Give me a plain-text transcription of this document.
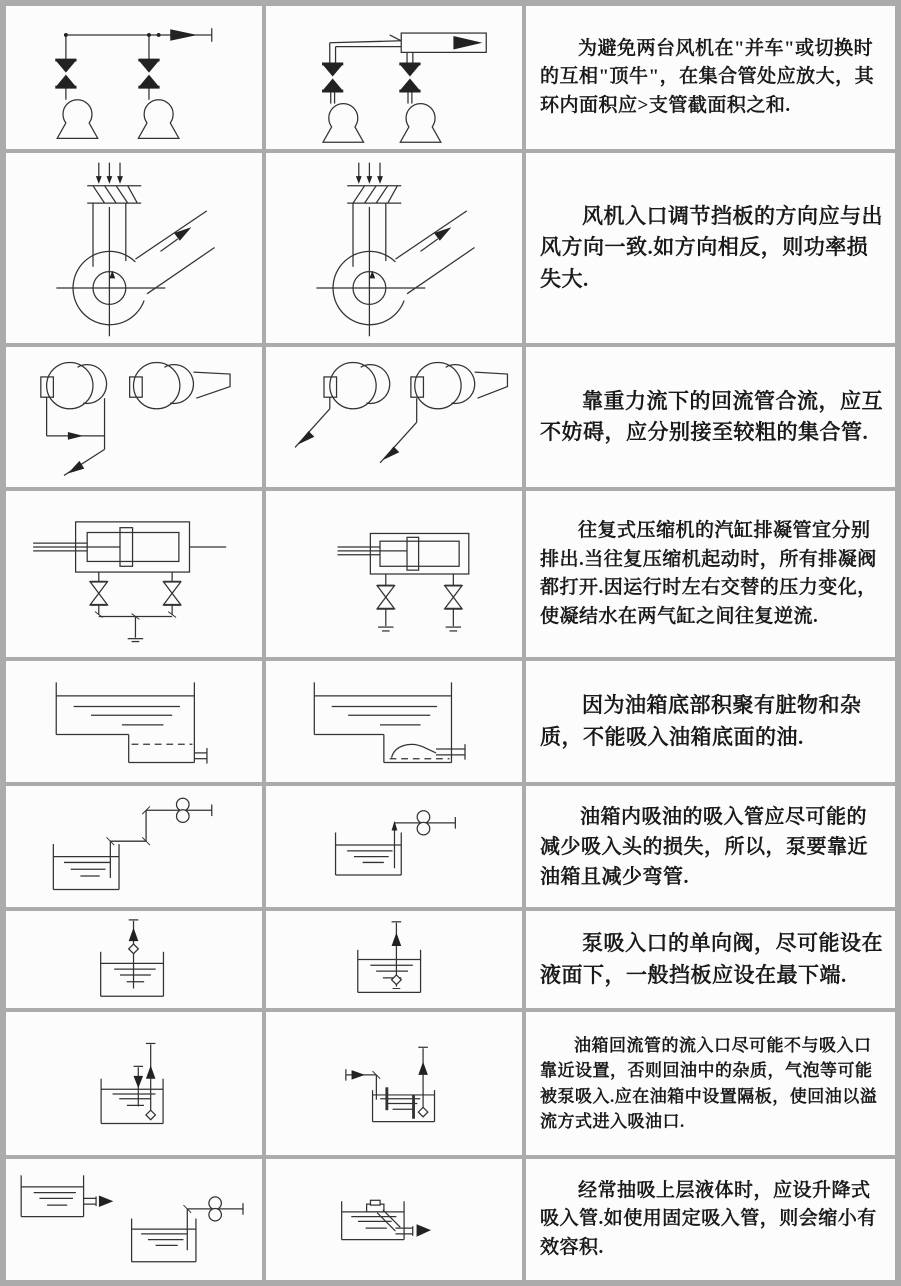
为避免两台风机在"并车"或切换时的互相"顶牛"，在集合管处应放大，其环内面积应>支管截面积之和.

风机入口调节挡板的方向应与出风方向一致.如方向相反，则功率损失大.

靠重力流下的回流管合流，应互不妨碍，应分别接至较粗的集合管.

往复式压缩机的汽缸排凝管宜分别排出.当往复压缩机起动时，所有排凝阀都打开.因运行时左右交替的压力变化，使凝结水在两气缸之间往复逆流.

因为油箱底部积聚有脏物和杂质，不能吸入油箱底面的油.

油箱内吸油的吸入管应尽可能的减少吸入头的损失，所以，泵要靠近油箱且减少弯管.

泵吸入口的单向阀，尽可能设在液面下，一般挡板应设在最下端.

油箱回流管的流入口尽可能不与吸入口靠近设置，否则回油中的杂质，气泡等可能被泵吸入.应在油箱中设置隔板，使回油以溢流方式进入吸油口.

经常抽吸上层液体时，应设升降式吸入管.如使用固定吸入管，则会缩小有效容积.
